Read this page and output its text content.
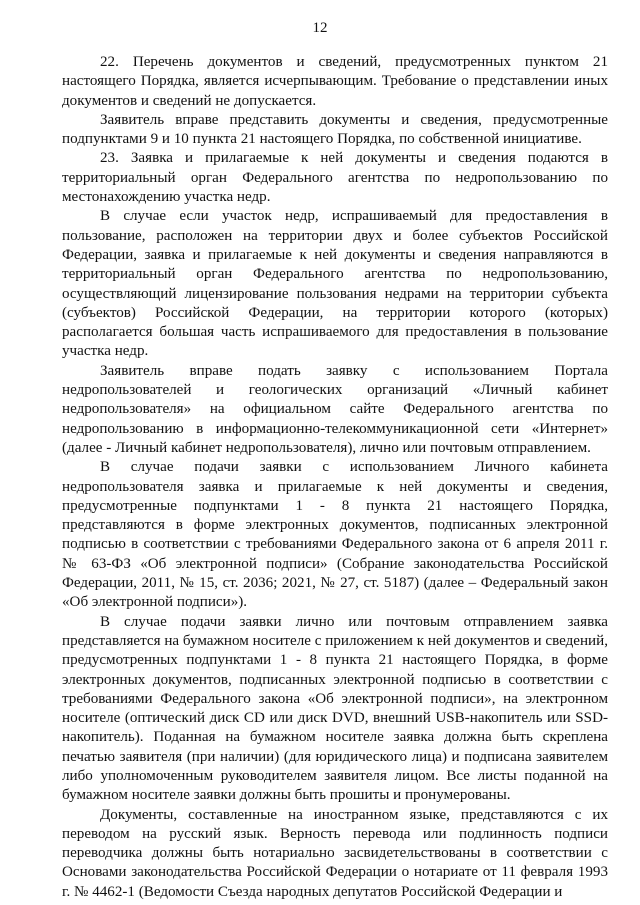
12

22. Перечень документов и сведений, предусмотренных пунктом 21 настоящего Порядка, является исчерпывающим. Требование о представлении иных документов и сведений не допускается.

Заявитель вправе представить документы и сведения, предусмотренные подпунктами 9 и 10 пункта 21 настоящего Порядка, по собственной инициативе.

23. Заявка и прилагаемые к ней документы и сведения подаются в территориальный орган Федерального агентства по недропользованию по местонахождению участка недр.

В случае если участок недр, испрашиваемый для предоставления в пользование, расположен на территории двух и более субъектов Российской Федерации, заявка и прилагаемые к ней документы и сведения направляются в территориальный орган Федерального агентства по недропользованию, осуществляющий лицензирование пользования недрами на территории субъекта (субъектов) Российской Федерации, на территории которого (которых) располагается большая часть испрашиваемого для предоставления в пользование участка недр.

Заявитель вправе подать заявку с использованием Портала недропользователей и геологических организаций «Личный кабинет недропользователя» на официальном сайте Федерального агентства по недропользованию в информационно-телекоммуникационной сети «Интернет» (далее - Личный кабинет недропользователя), лично или почтовым отправлением.

В случае подачи заявки с использованием Личного кабинета недропользователя заявка и прилагаемые к ней документы и сведения, предусмотренные подпунктами 1 - 8 пункта 21 настоящего Порядка, представляются в форме электронных документов, подписанных электронной подписью в соответствии с требованиями Федерального закона от 6 апреля 2011 г. № 63-ФЗ «Об электронной подписи» (Собрание законодательства Российской Федерации, 2011, № 15, ст. 2036; 2021, № 27, ст. 5187) (далее – Федеральный закон «Об электронной подписи»).

В случае подачи заявки лично или почтовым отправлением заявка представляется на бумажном носителе с приложением к ней документов и сведений, предусмотренных подпунктами 1 - 8 пункта 21 настоящего Порядка, в форме электронных документов, подписанных электронной подписью в соответствии с требованиями Федерального закона «Об электронной подписи», на электронном носителе (оптический диск CD или диск DVD, внешний USB-накопитель или SSD-накопитель). Поданная на бумажном носителе заявка должна быть скреплена печатью заявителя (при наличии) (для юридического лица) и подписана заявителем либо уполномоченным руководителем заявителя лицом. Все листы поданной на бумажном носителе заявки должны быть прошиты и пронумерованы.

Документы, составленные на иностранном языке, представляются с их переводом на русский язык. Верность перевода или подлинность подписи переводчика должны быть нотариально засвидетельствованы в соответствии с Основами законодательства Российской Федерации о нотариате от 11 февраля 1993 г. № 4462-1 (Ведомости Съезда народных депутатов Российской Федерации и
